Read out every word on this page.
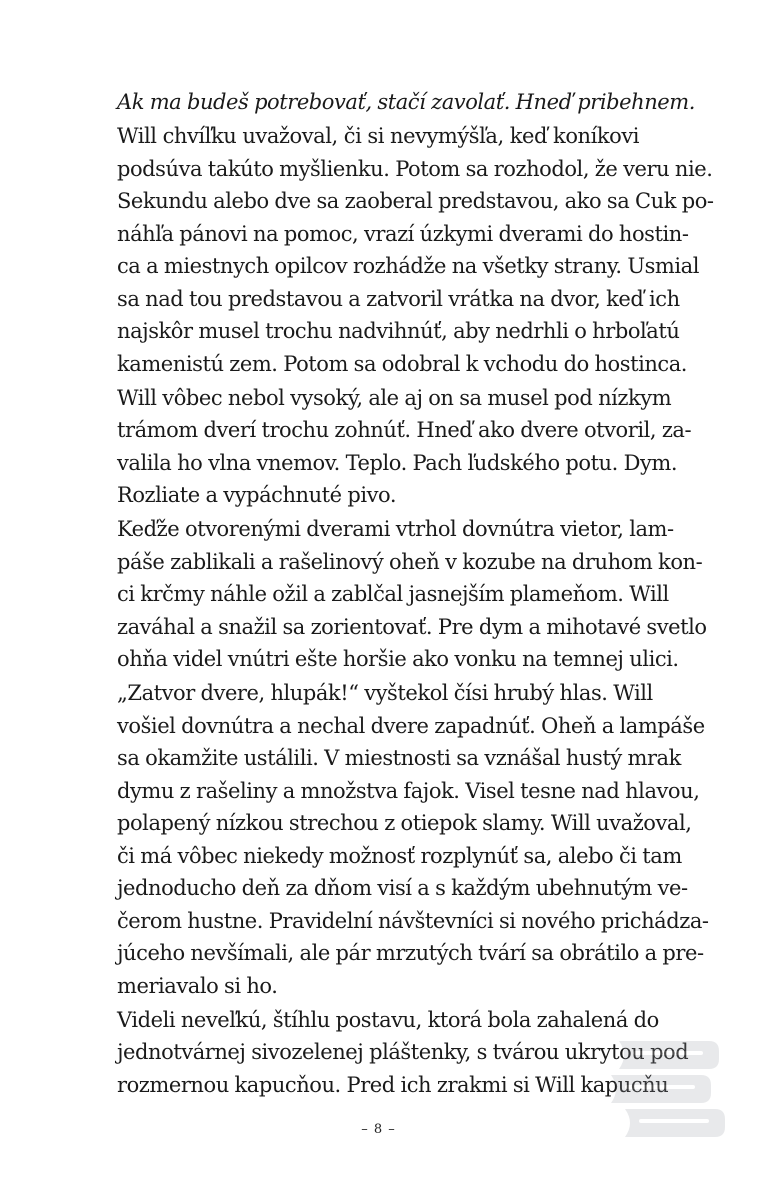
Ak ma budeš potrebovať, stačí zavolať. Hneď pribehnem.
Will chvíľku uvažoval, či si nevymýšľa, keď koníkovi
podsúva takúto myšlienku. Potom sa rozhodol, že veru nie.
Sekundu alebo dve sa zaoberal predstavou, ako sa Cuk po-
náhľa pánovi na pomoc, vrazí úzkymi dverami do hostin-
ca a miestnych opilcov rozhádže na všetky strany. Usmial
sa nad tou predstavou a zatvoril vrátka na dvor, keď ich
najskôr musel trochu nadvihnúť, aby nedrhli o hrboľatú
kamenistú zem. Potom sa odobral k vchodu do hostinca.
Will vôbec nebol vysoký, ale aj on sa musel pod nízkym
trámom dverí trochu zohnúť. Hneď ako dvere otvoril, za-
valila ho vlna vnemov. Teplo. Pach ľudského potu. Dym.
Rozliate a vypáchnuté pivo.
Keďže otvorenými dverami vtrhol dovnútra vietor, lam-
páše zablikali a rašelinový oheň v kozube na druhom kon-
ci krčmy náhle ožil a zablčal jasnejším plameňom. Will
zaváhal a snažil sa zorientovať. Pre dym a mihotavé svetlo
ohňa videl vnútri ešte horšie ako vonku na temnej ulici.
„Zatvor dvere, hlupák!“ vyštekol čísi hrubý hlas. Will
vošiel dovnútra a nechal dvere zapadnúť. Oheň a lampáše
sa okamžite ustálili. V miestnosti sa vznášal hustý mrak
dymu z rašeliny a množstva fajok. Visel tesne nad hlavou,
polapený nízkou strechou z otiepok slamy. Will uvažoval,
či má vôbec niekedy možnosť rozplynúť sa, alebo či tam
jednoducho deň za dňom visí a s každým ubehnutým ve-
čerom hustne. Pravidelní návštevníci si nového prichádza-
júceho nevšímali, ale pár mrzutých tvárí sa obrátilo a pre-
meriavalo si ho.
Videli neveľkú, štíhlu postavu, ktorá bola zahalená do
jednotvárnej sivozelenej pláštenky, s tvárou ukrytou pod
rozmernou kapucňou. Pred ich zrakmi si Will kapucňu
– 8 –
